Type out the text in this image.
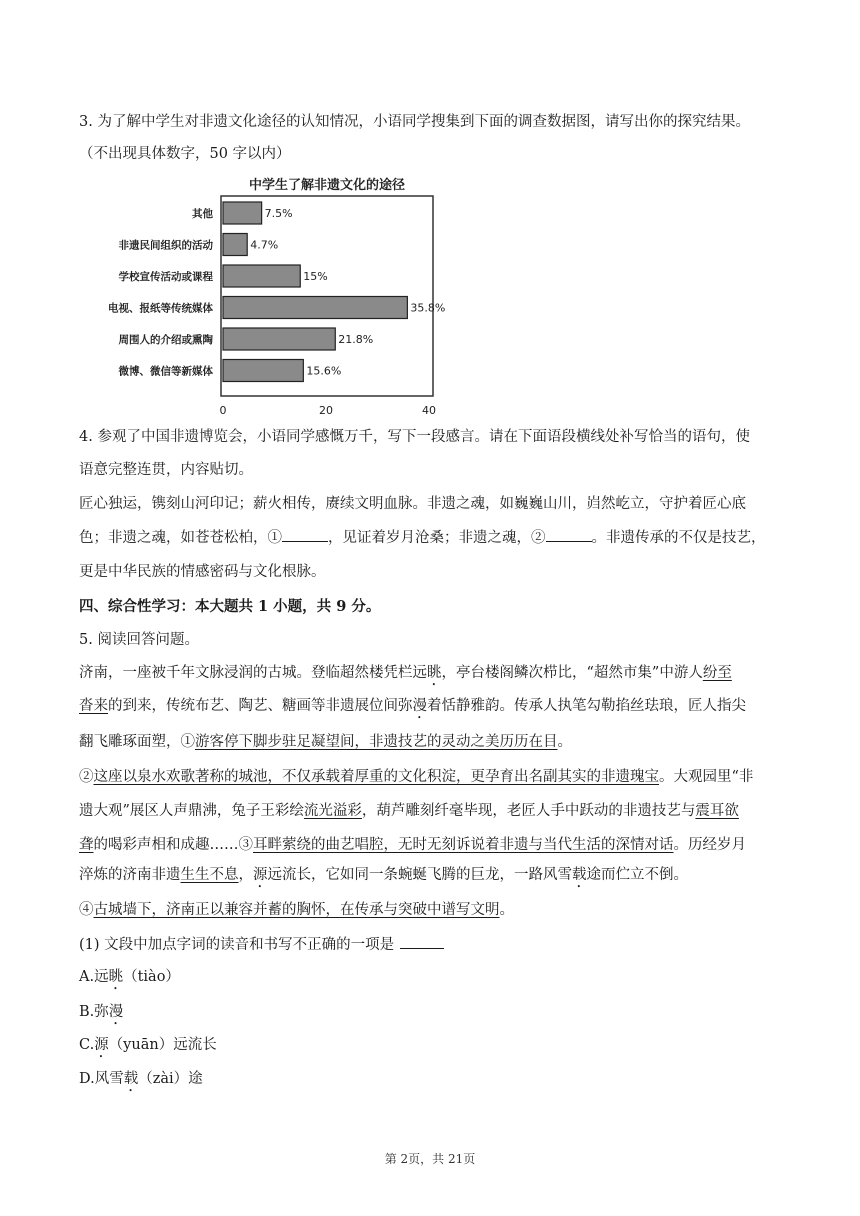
3. 为了解中学生对非遗文化途径的认知情况，小语同学搜集到下面的调查数据图，请写出你的探究结果。
（不出现具体数字，50 字以内）
中学生了解非遗文化的途径
其他	7.5%
非遗民间组织的活动	4.7%
学校宣传活动或课程	15%
电视、报纸等传统媒体	35.8%
周围人的介绍或熏陶	21.8%
微博、微信等新媒体	15.6%
0	20	40
4. 参观了中国非遗博览会，小语同学感慨万千，写下一段感言。请在下面语段横线处补写恰当的语句，使
语意完整连贯，内容贴切。
匠心独运，镌刻山河印记；薪火相传，赓续文明血脉。非遗之魂，如巍巍山川，岿然屹立，守护着匠心底
色；非遗之魂，如苍苍松柏，①	，见证着岁月沧桑；非遗之魂，②	。非遗传承的不仅是技艺，
更是中华民族的情感密码与文化根脉。
四、综合性学习：本大题共 1 小题，共 9 分。
5. 阅读回答问题。
济南，一座被千年文脉浸润的古城。登临超然楼凭栏远眺，亭台楼阁鳞次栉比，“超然市集”中游人纷至
沓来的到来，传统布艺、陶艺、糖画等非遗展位间弥漫着恬静雅韵。传承人执笔勾勒掐丝珐琅，匠人指尖
翻飞雕琢面塑，①游客停下脚步驻足凝望间，非遗技艺的灵动之美历历在目。
②这座以泉水欢歌著称的城池，不仅承载着厚重的文化积淀，更孕育出名副其实的非遗瑰宝。大观园里“非
遗大观”展区人声鼎沸，兔子王彩绘流光溢彩，葫芦雕刻纤毫毕现，老匠人手中跃动的非遗技艺与震耳欲
聋的喝彩声相和成趣……③耳畔萦绕的曲艺唱腔，无时无刻诉说着非遗与当代生活的深情对话。历经岁月
淬炼的济南非遗生生不息，源远流长，它如同一条蜿蜒飞腾的巨龙，一路风雪载途而伫立不倒。
④古城墙下，济南正以兼容并蓄的胸怀，在传承与突破中谱写文明。
(1) 文段中加点字词的读音和书写不正确的一项是
A.远眺（tiào）
B.弥漫
C.源（yuān）远流长
D.风雪载（zài）途
第 2页，共 21页
